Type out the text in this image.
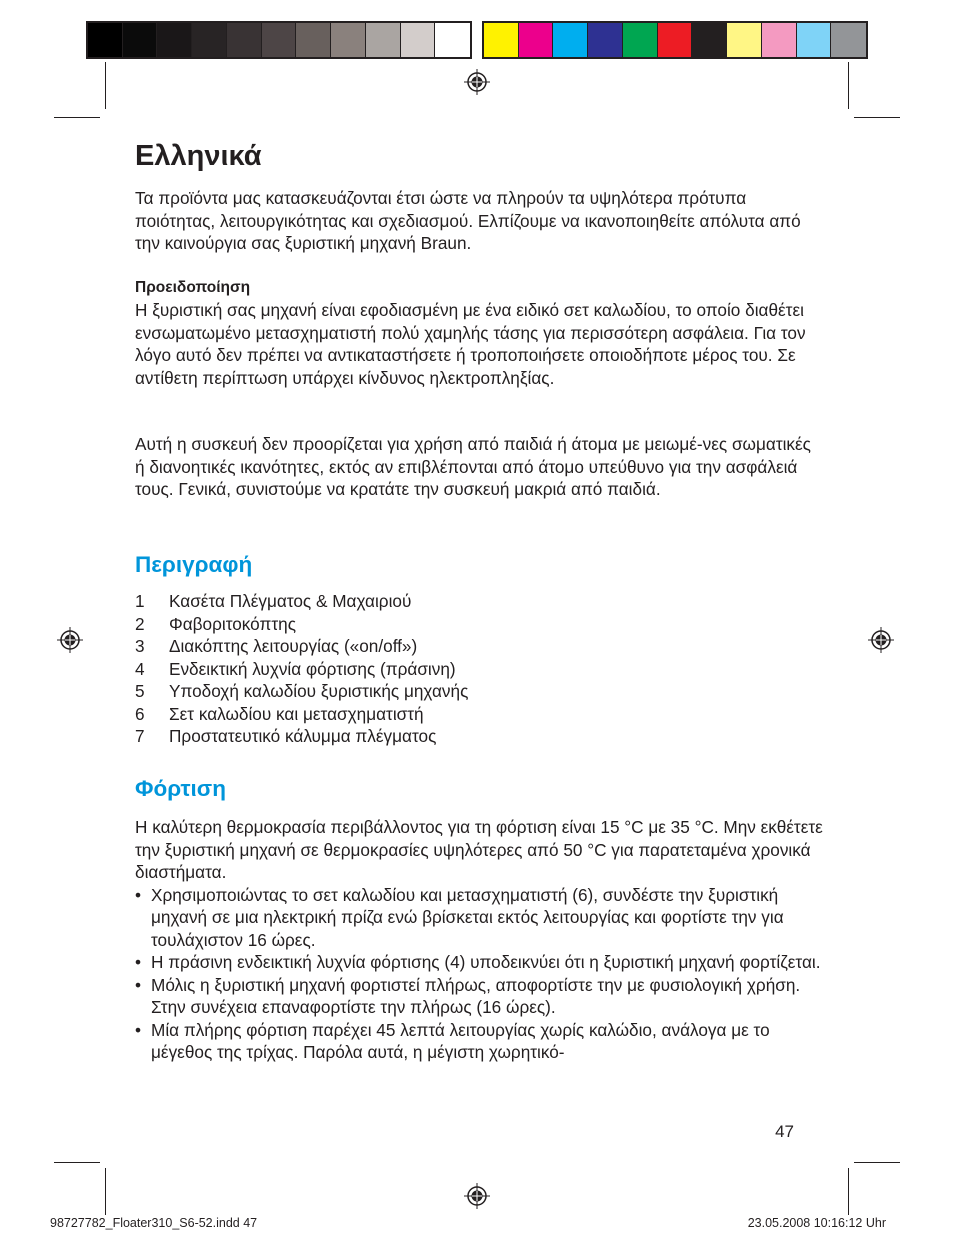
Ελληνικά

Τα προϊόντα μας κατασκευάζονται έτσι ώστε να πληρούν τα υψηλότερα πρότυπα ποιότητας, λειτουργικότητας και σχεδιασμού. Ελπίζουμε να ικανοποιηθείτε απόλυτα από την καινούργια σας ξυριστική μηχανή Braun.

Προειδοποίηση

Η ξυριστική σας μηχανή είναι εφοδιασμένη με ένα ειδικό σετ καλωδίου, το οποίο διαθέτει ενσωματωμένο μετασχηματιστή πολύ χαμηλής τάσης για περισσότερη ασφάλεια. Για τον λόγο αυτό δεν πρέπει να αντικαταστήσετε ή τροποποιήσετε οποιοδήποτε μέρος του. Σε αντίθετη περίπτωση υπάρχει κίνδυνος ηλεκτροπληξίας.

Αυτή η συσκευή δεν προορίζεται για χρήση από παιδιά ή άτομα με μειωμέ-νες σωματικές ή διανοητικές ικανότητες, εκτός αν επιβλέπονται από άτομο υπεύθυνο για την ασφάλειά τους. Γενικά, συνιστούμε να κρατάτε την συσκευή μακριά από παιδιά.

Περιγραφή
1	Κασέτα Πλέγματος & Μαχαιριού
2	Φαβοριτοκόπτης
3	Διακόπτης λειτουργίας («on/off»)
4	Ενδεικτική λυχνία φόρτισης (πράσινη)
5	Υποδοχή καλωδίου ξυριστικής μηχανής
6	Σετ καλωδίου και μετασχηματιστή
7	Προστατευτικό κάλυμμα πλέγματος
Φόρτιση

Η καλύτερη θερμοκρασία περιβάλλοντος για τη φόρτιση είναι 15 °C με 35 °C. Μην εκθέτετε την ξυριστική μηχανή σε θερμοκρασίες υψηλότερες από 50 °C για παρατεταμένα χρονικά διαστήματα.

• Χρησιμοποιώντας το σετ καλωδίου και μετασχηματιστή (6), συνδέστε την ξυριστική μηχανή σε μια ηλεκτρική πρίζα ενώ βρίσκεται εκτός λειτουργίας και φορτίστε την για τουλάχιστον 16 ώρες.
• Η πράσινη ενδεικτική λυχνία φόρτισης (4) υποδεικνύει ότι η ξυριστική μηχανή φορτίζεται.
• Μόλις η ξυριστική μηχανή φορτιστεί πλήρως, αποφορτίστε την με φυσιολογική χρήση. Στην συνέχεια επαναφορτίστε την πλήρως (16 ώρες).
• Μία πλήρης φόρτιση παρέχει 45 λεπτά λειτουργίας χωρίς καλώδιο, ανάλογα με το μέγεθος της τρίχας. Παρόλα αυτά, η μέγιστη χωρητικό-
47
98727782_Floater310_S6-52.indd 47	23.05.2008 10:16:12 Uhr
